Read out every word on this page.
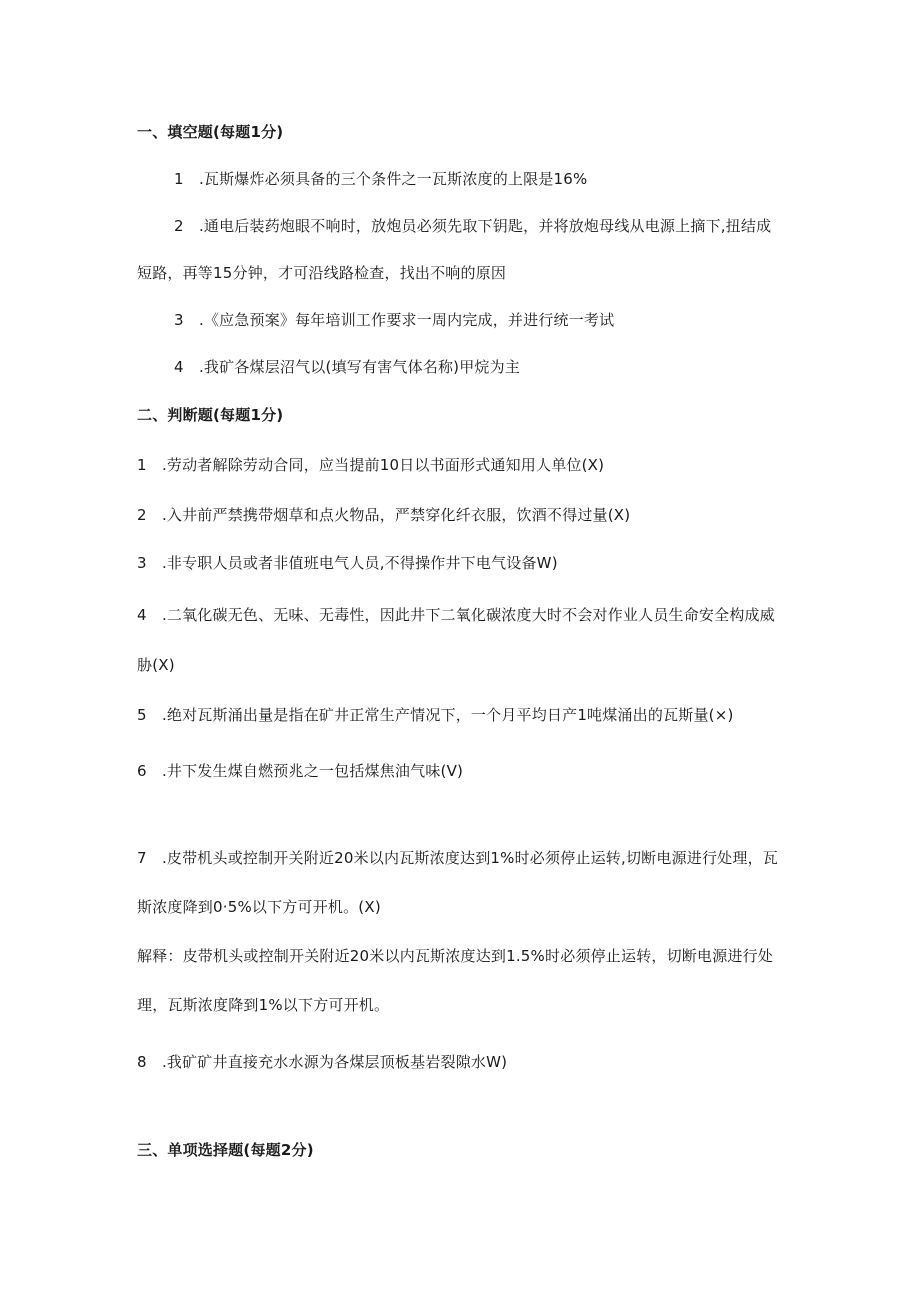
一、填空题(每题1分)
1　.瓦斯爆炸必须具备的三个条件之一瓦斯浓度的上限是16%
2　.通电后装药炮眼不响时，放炮员必须先取下钥匙，并将放炮母线从电源上摘下,扭结成
短路，再等15分钟，才可沿线路检查，找出不响的原因
3　.《应急预案》每年培训工作要求一周内完成，并进行统一考试
4　.我矿各煤层沼气以(填写有害气体名称)甲烷为主
二、判断题(每题1分)
1　.劳动者解除劳动合同，应当提前10日以书面形式通知用人单位(X)
2　.入井前严禁携带烟草和点火物品，严禁穿化纤衣服，饮酒不得过量(X)
3　.非专职人员或者非值班电气人员,不得操作井下电气设备W)
4　.二氧化碳无色、无味、无毒性，因此井下二氧化碳浓度大时不会对作业人员生命安全构成威
胁(X)
5　.绝对瓦斯涌出量是指在矿井正常生产情况下，一个月平均日产1吨煤涌出的瓦斯量(×)
6　.井下发生煤自燃预兆之一包括煤焦油气味(V)
7　.皮带机头或控制开关附近20米以内瓦斯浓度达到1%时必须停止运转,切断电源进行处理，瓦
斯浓度降到0·5%以下方可开机。(X)
解释：皮带机头或控制开关附近20米以内瓦斯浓度达到1.5%时必须停止运转，切断电源进行处
理，瓦斯浓度降到1%以下方可开机。
8　.我矿矿井直接充水水源为各煤层顶板基岩裂隙水W)
三、单项选择题(每题2分)
